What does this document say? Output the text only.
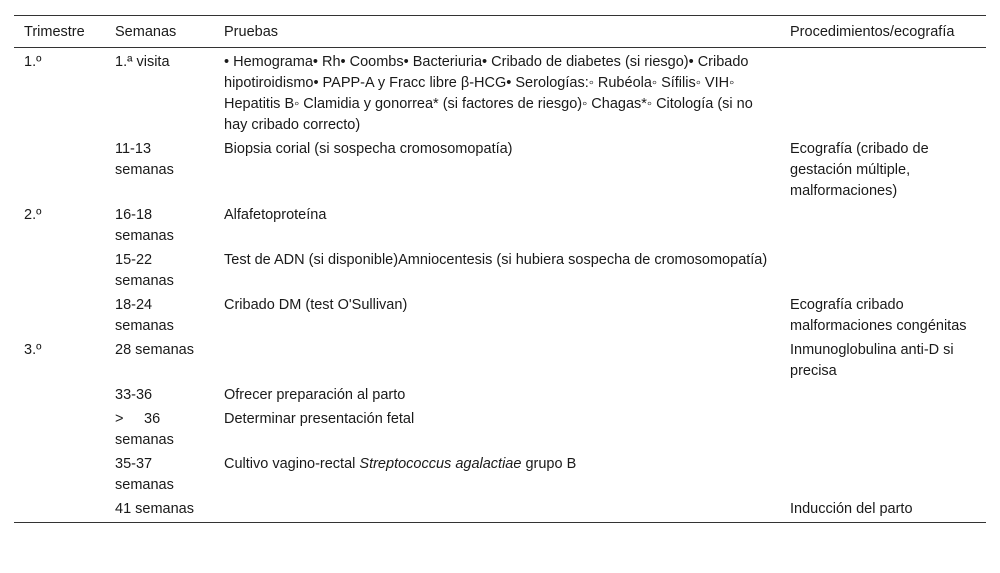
Trimestre	Semanas	Pruebas	Procedimientos/ecografía
1.º	1.ª visita	• Hemograma• Rh• Coombs• Bacteriuria• Cribado de diabetes (si riesgo)• Cribado hipotiroidismo• PAPP-A y Fracc libre β-HCG• Serologías:◦ Rubéola◦ Sífilis◦ VIH◦ Hepatitis B◦ Clamidia y gonorrea* (si factores de riesgo)◦ Chagas*◦ Citología (si no hay cribado correcto)	
	11-13 semanas	Biopsia corial (si sospecha cromosomopatía)	Ecografía (cribado de gestación múltiple, malformaciones)
2.º	16-18 semanas	Alfafetoproteína	
	15-22 semanas	Test de ADN (si disponible)Amniocentesis (si hubiera sospecha de cromosomopatía)	
	18-24 semanas	Cribado DM (test O'Sullivan)	Ecografía cribado malformaciones congénitas
3.º	28 semanas		Inmunoglobulina anti-D si precisa
	33-36	Ofrecer preparación al parto	
	> 36 semanas	Determinar presentación fetal	
	35-37 semanas	Cultivo vagino-rectal Streptococcus agalactiae grupo B	
	41 semanas		Inducción del parto
